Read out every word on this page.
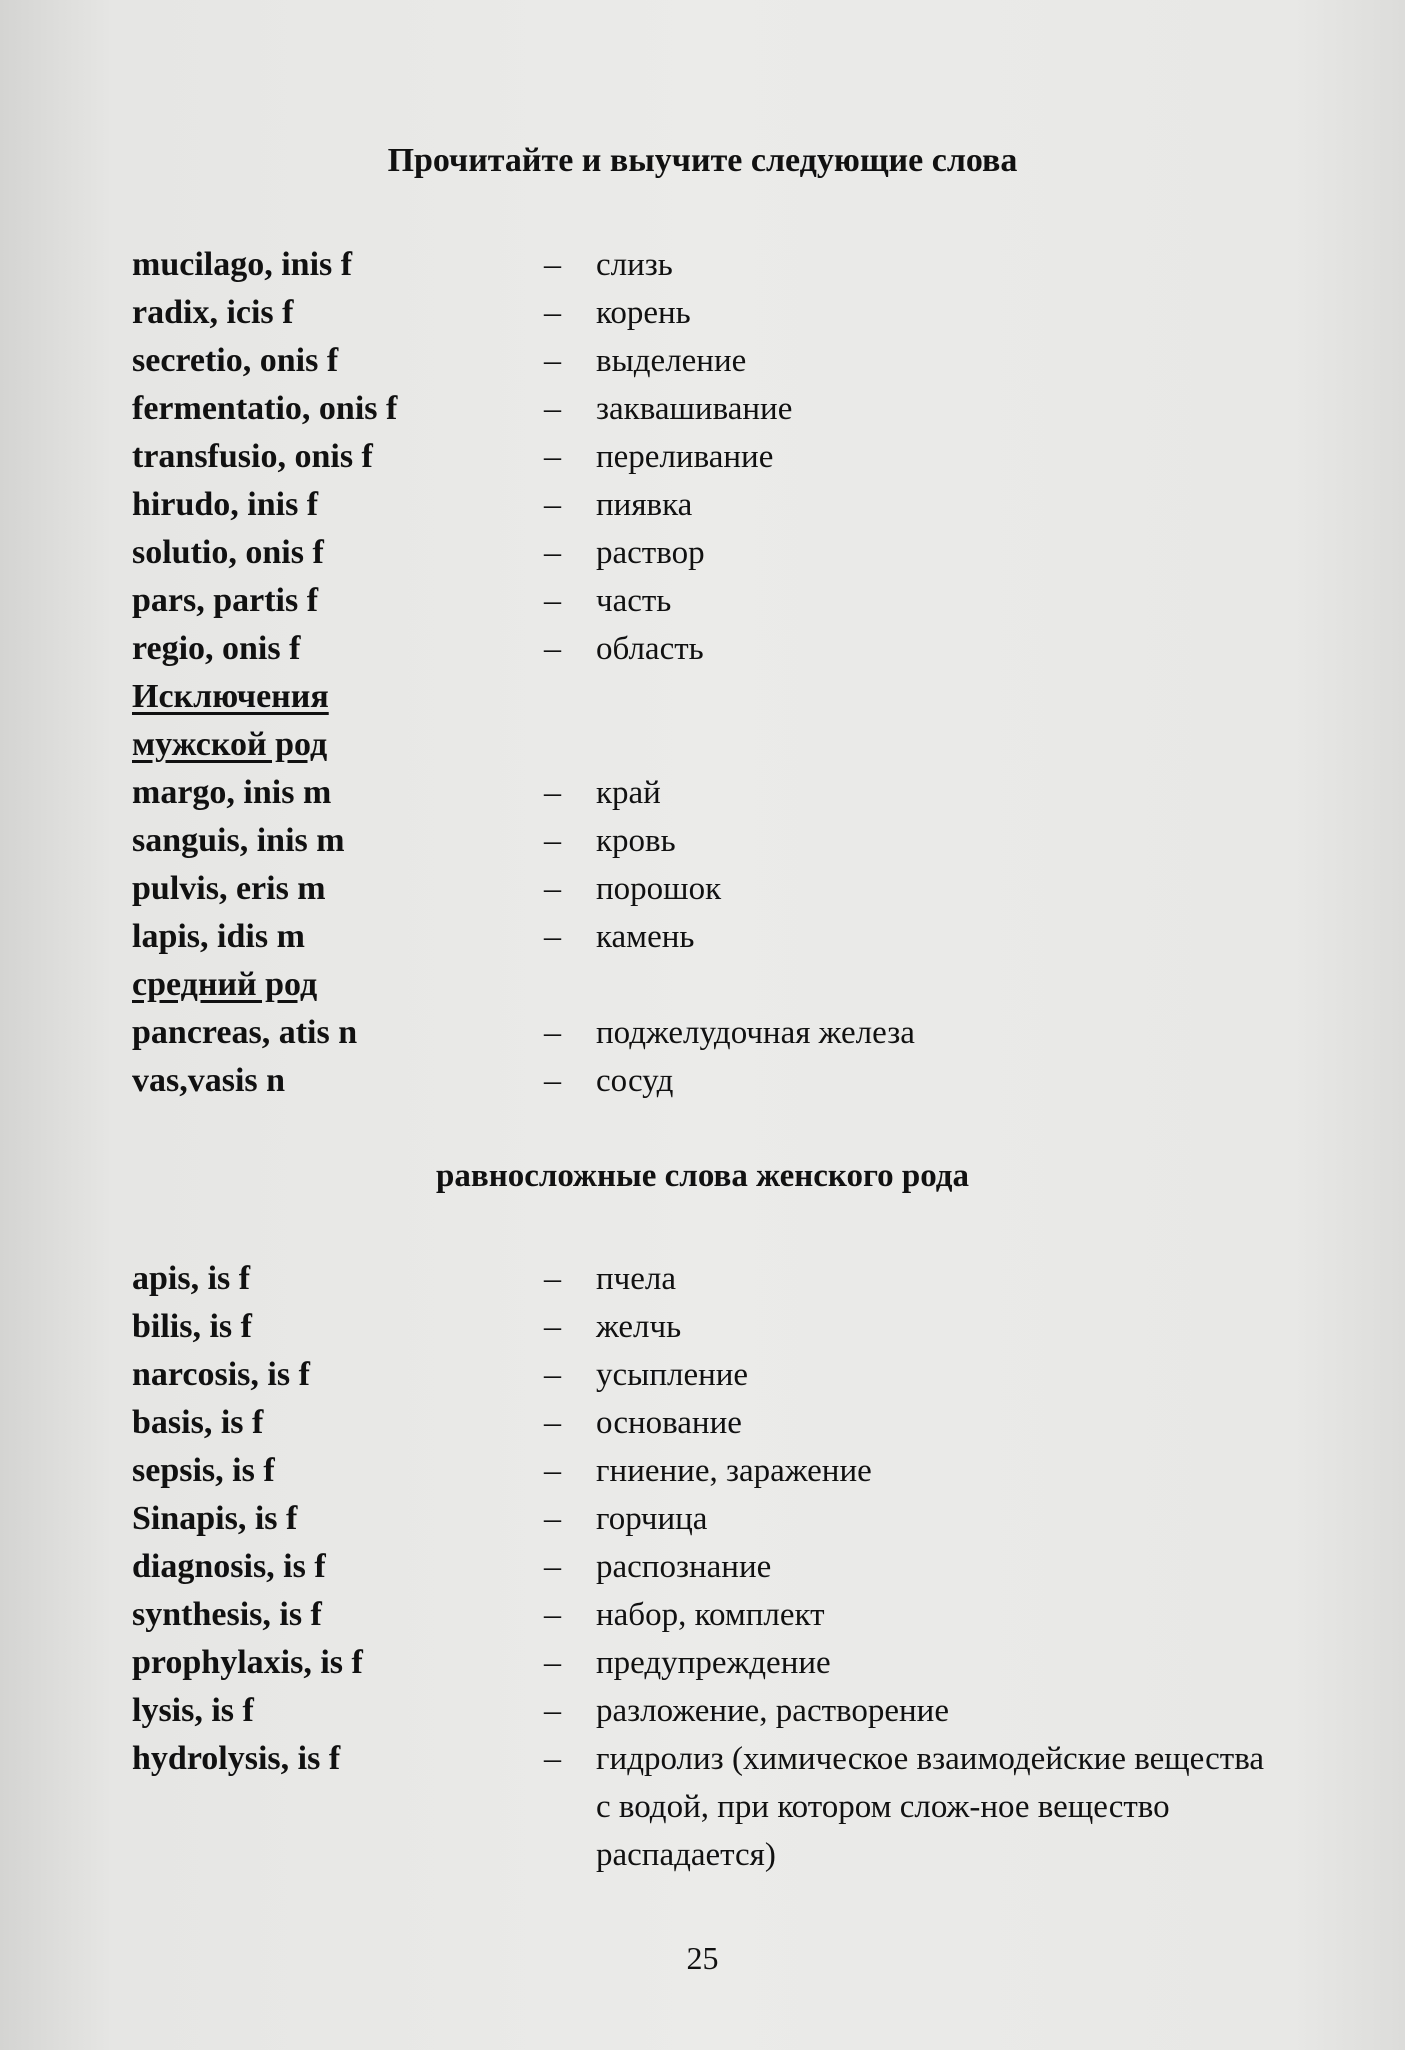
Прочитайте и выучите следующие слова
mucilago, inis f	– слизь
radix, icis f	– корень
secretio, onis f	– выделение
fermentatio, onis f	– заквашивание
transfusio, onis f	– переливание
hirudo, inis f	– пиявка
solutio, onis f	– раствор
pars, partis f	– часть
regio, onis f	– область
Исключения
мужской род
margo, inis m	– край
sanguis, inis m	– кровь
pulvis, eris m	– порошок
lapis, idis m	– камень
средний род
pancreas, atis n	– поджелудочная железа
vas,vasis n	– сосуд
равносложные слова женского рода
apis, is f	– пчела
bilis, is f	– желчь
narcosis, is f	– усыпление
basis, is f	– основание
sepsis, is f	– гниение, заражение
Sinapis, is f	– горчица
diagnosis, is f	– распознание
synthesis, is f	– набор, комплект
prophylaxis, is f	– предупреждение
lysis, is f	– разложение, растворение
hydrolysis, is f	– гидролиз (химическое взаимодейские вещества с водой, при котором слож-ное вещество распадается)
25
